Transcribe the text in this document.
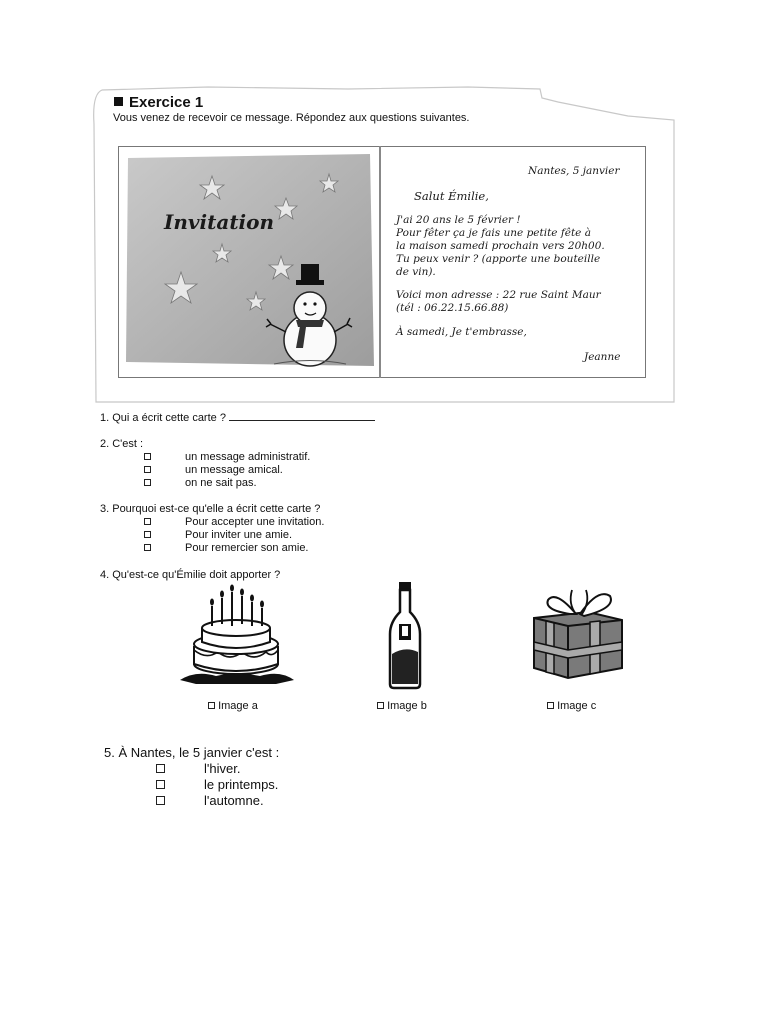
Exercice 1
Vous venez de recevoir ce message. Répondez aux questions suivantes.
Invitation
Nantes, 5 janvier
Salut Émilie,
J'ai 20 ans le 5 février !
Pour fêter ça je fais une petite fête à
la maison samedi prochain vers 20h00.
Tu peux venir ? (apporte une bouteille
de vin).
Voici mon adresse : 22 rue Saint Maur
(tél : 06.22.15.66.88)
À samedi, Je t'embrasse,
Jeanne
1. Qui a écrit cette carte ?
2. C'est :
un message administratif.
un message amical.
on ne sait pas.
3. Pourquoi est-ce qu'elle a écrit cette carte ?
Pour accepter une invitation.
Pour inviter une amie.
Pour remercier son amie.
4. Qu'est-ce qu'Émilie doit apporter ?
Image a	Image b	Image c
5. À Nantes, le 5 janvier c'est :
l'hiver.
le printemps.
l'automne.
